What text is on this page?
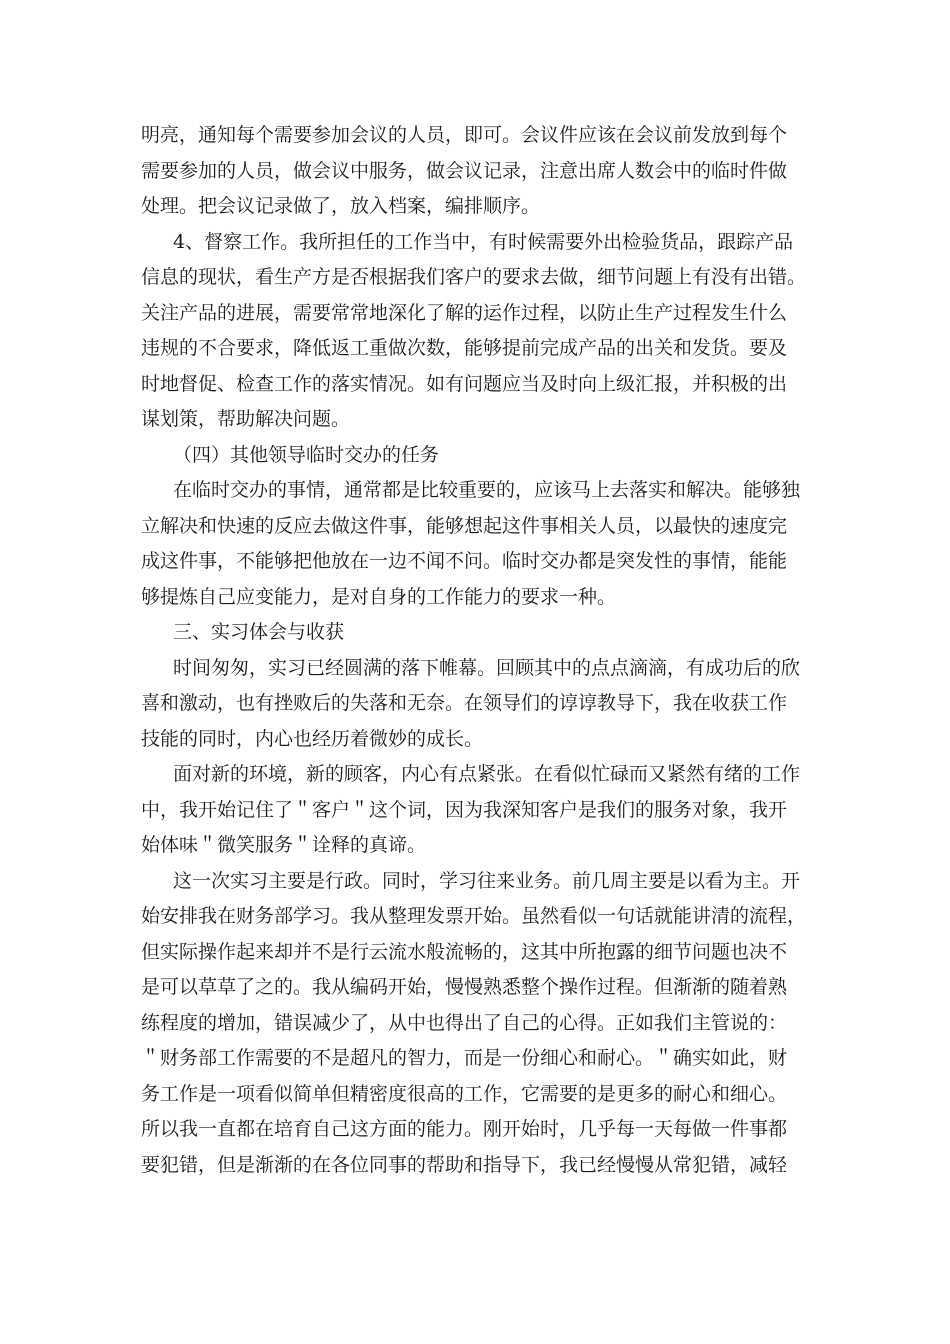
明亮，通知每个需要参加会议的人员，即可。会议件应该在会议前发放到每个
需要参加的人员，做会议中服务，做会议记录，注意出席人数会中的临时件做
处理。把会议记录做了，放入档案，编排顺序。
4、督察工作。我所担任的工作当中，有时候需要外出检验货品，跟踪产品
信息的现状，看生产方是否根据我们客户的要求去做，细节问题上有没有出错。
关注产品的进展，需要常常地深化了解的运作过程，以防止生产过程发生什么
违规的不合要求，降低返工重做次数，能够提前完成产品的出关和发货。要及
时地督促、检查工作的落实情况。如有问题应当及时向上级汇报，并积极的出
谋划策，帮助解决问题。
（四）其他领导临时交办的任务
在临时交办的事情，通常都是比较重要的，应该马上去落实和解决。能够独
立解决和快速的反应去做这件事，能够想起这件事相关人员，以最快的速度完
成这件事，不能够把他放在一边不闻不问。临时交办都是突发性的事情，能能
够提炼自己应变能力，是对自身的工作能力的要求一种。
三、实习体会与收获
时间匆匆，实习已经圆满的落下帷幕。回顾其中的点点滴滴，有成功后的欣
喜和激动，也有挫败后的失落和无奈。在领导们的谆谆教导下，我在收获工作
技能的同时，内心也经历着微妙的成长。
面对新的环境，新的顾客，内心有点紧张。在看似忙碌而又紧然有绪的工作
中，我开始记住了＂客户＂这个词，因为我深知客户是我们的服务对象，我开
始体味＂微笑服务＂诠释的真谛。
这一次实习主要是行政。同时，学习往来业务。前几周主要是以看为主。开
始安排我在财务部学习。我从整理发票开始。虽然看似一句话就能讲清的流程，
但实际操作起来却并不是行云流水般流畅的，这其中所抱露的细节问题也决不
是可以草草了之的。我从编码开始，慢慢熟悉整个操作过程。但渐渐的随着熟
练程度的增加，错误减少了，从中也得出了自己的心得。正如我们主管说的：
＂财务部工作需要的不是超凡的智力，而是一份细心和耐心。＂确实如此，财
务工作是一项看似简单但精密度很高的工作，它需要的是更多的耐心和细心。
所以我一直都在培育自己这方面的能力。刚开始时，几乎每一天每做一件事都
要犯错，但是渐渐的在各位同事的帮助和指导下，我已经慢慢从常犯错，减轻
